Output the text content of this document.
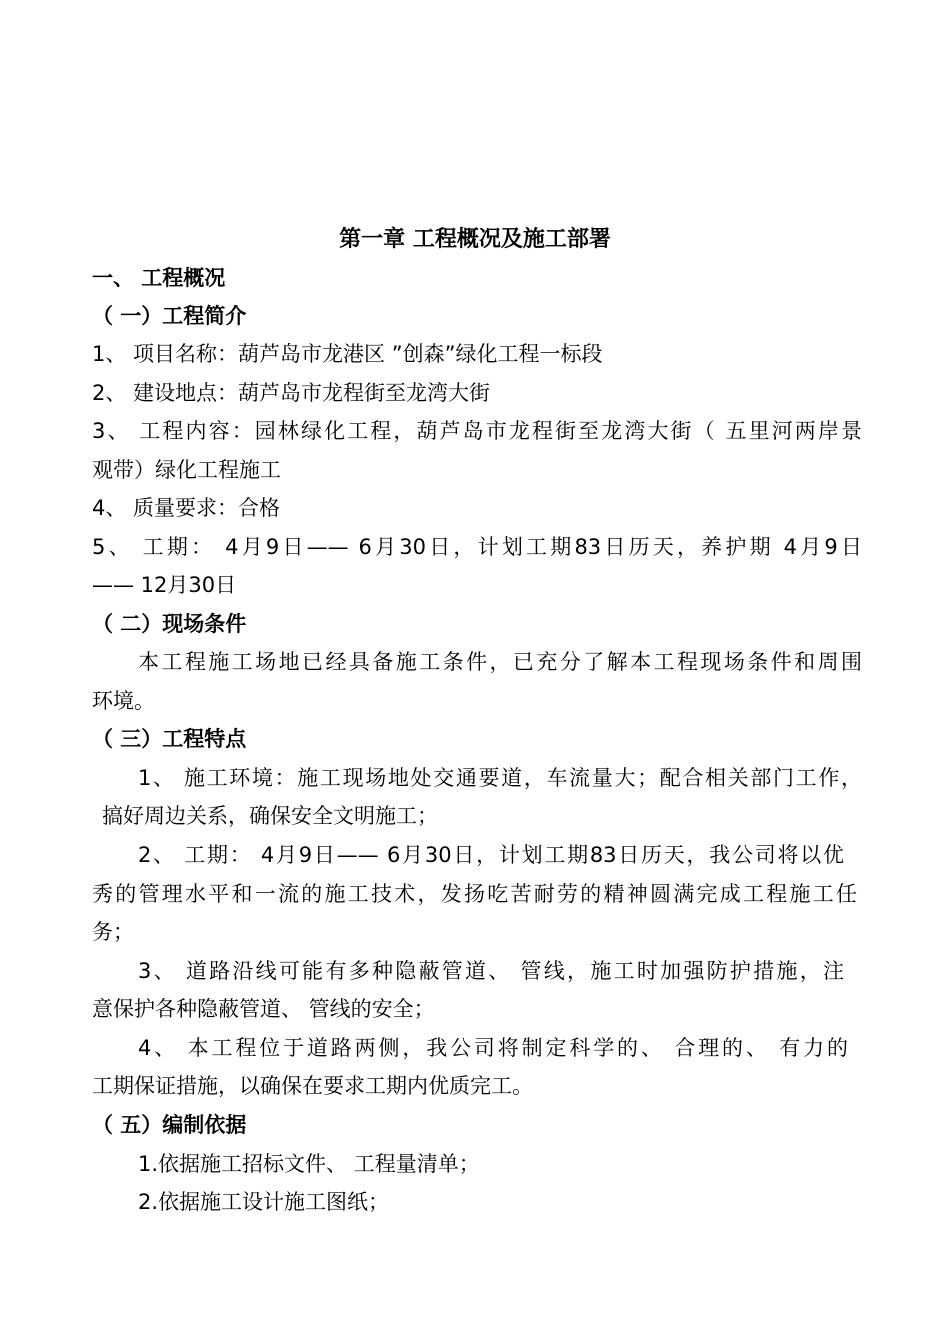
第一章 工程概况及施工部署
一、 工程概况
（ 一）工程简介
1、 项目名称：葫芦岛市龙港区 ”创森”绿化工程一标段
2、 建设地点：葫芦岛市龙程街至龙湾大街
3、 工程内容：园林绿化工程，葫芦岛市龙程街至龙湾大街（ 五里河两岸景
观带）绿化工程施工
4、 质量要求：合格
5、 工期： 4月9日—— 6月30日，计划工期83日历天，养护期 4月9日
—— 12月30日
（ 二）现场条件
本工程施工场地已经具备施工条件，已充分了解本工程现场条件和周围
环境。
（ 三）工程特点
1、 施工环境：施工现场地处交通要道，车流量大；配合相关部门工作，
搞好周边关系，确保安全文明施工；
2、 工期： 4月9日—— 6月30日，计划工期83日历天，我公司将以优
秀的管理水平和一流的施工技术，发扬吃苦耐劳的精神圆满完成工程施工任
务；
3、 道路沿线可能有多种隐蔽管道、 管线，施工时加强防护措施，注
意保护各种隐蔽管道、 管线的安全；
4、 本工程位于道路两侧，我公司将制定科学的、 合理的、 有力的
工期保证措施，以确保在要求工期内优质完工。
（ 五）编制依据
1.依据施工招标文件、 工程量清单；
2.依据施工设计施工图纸；
